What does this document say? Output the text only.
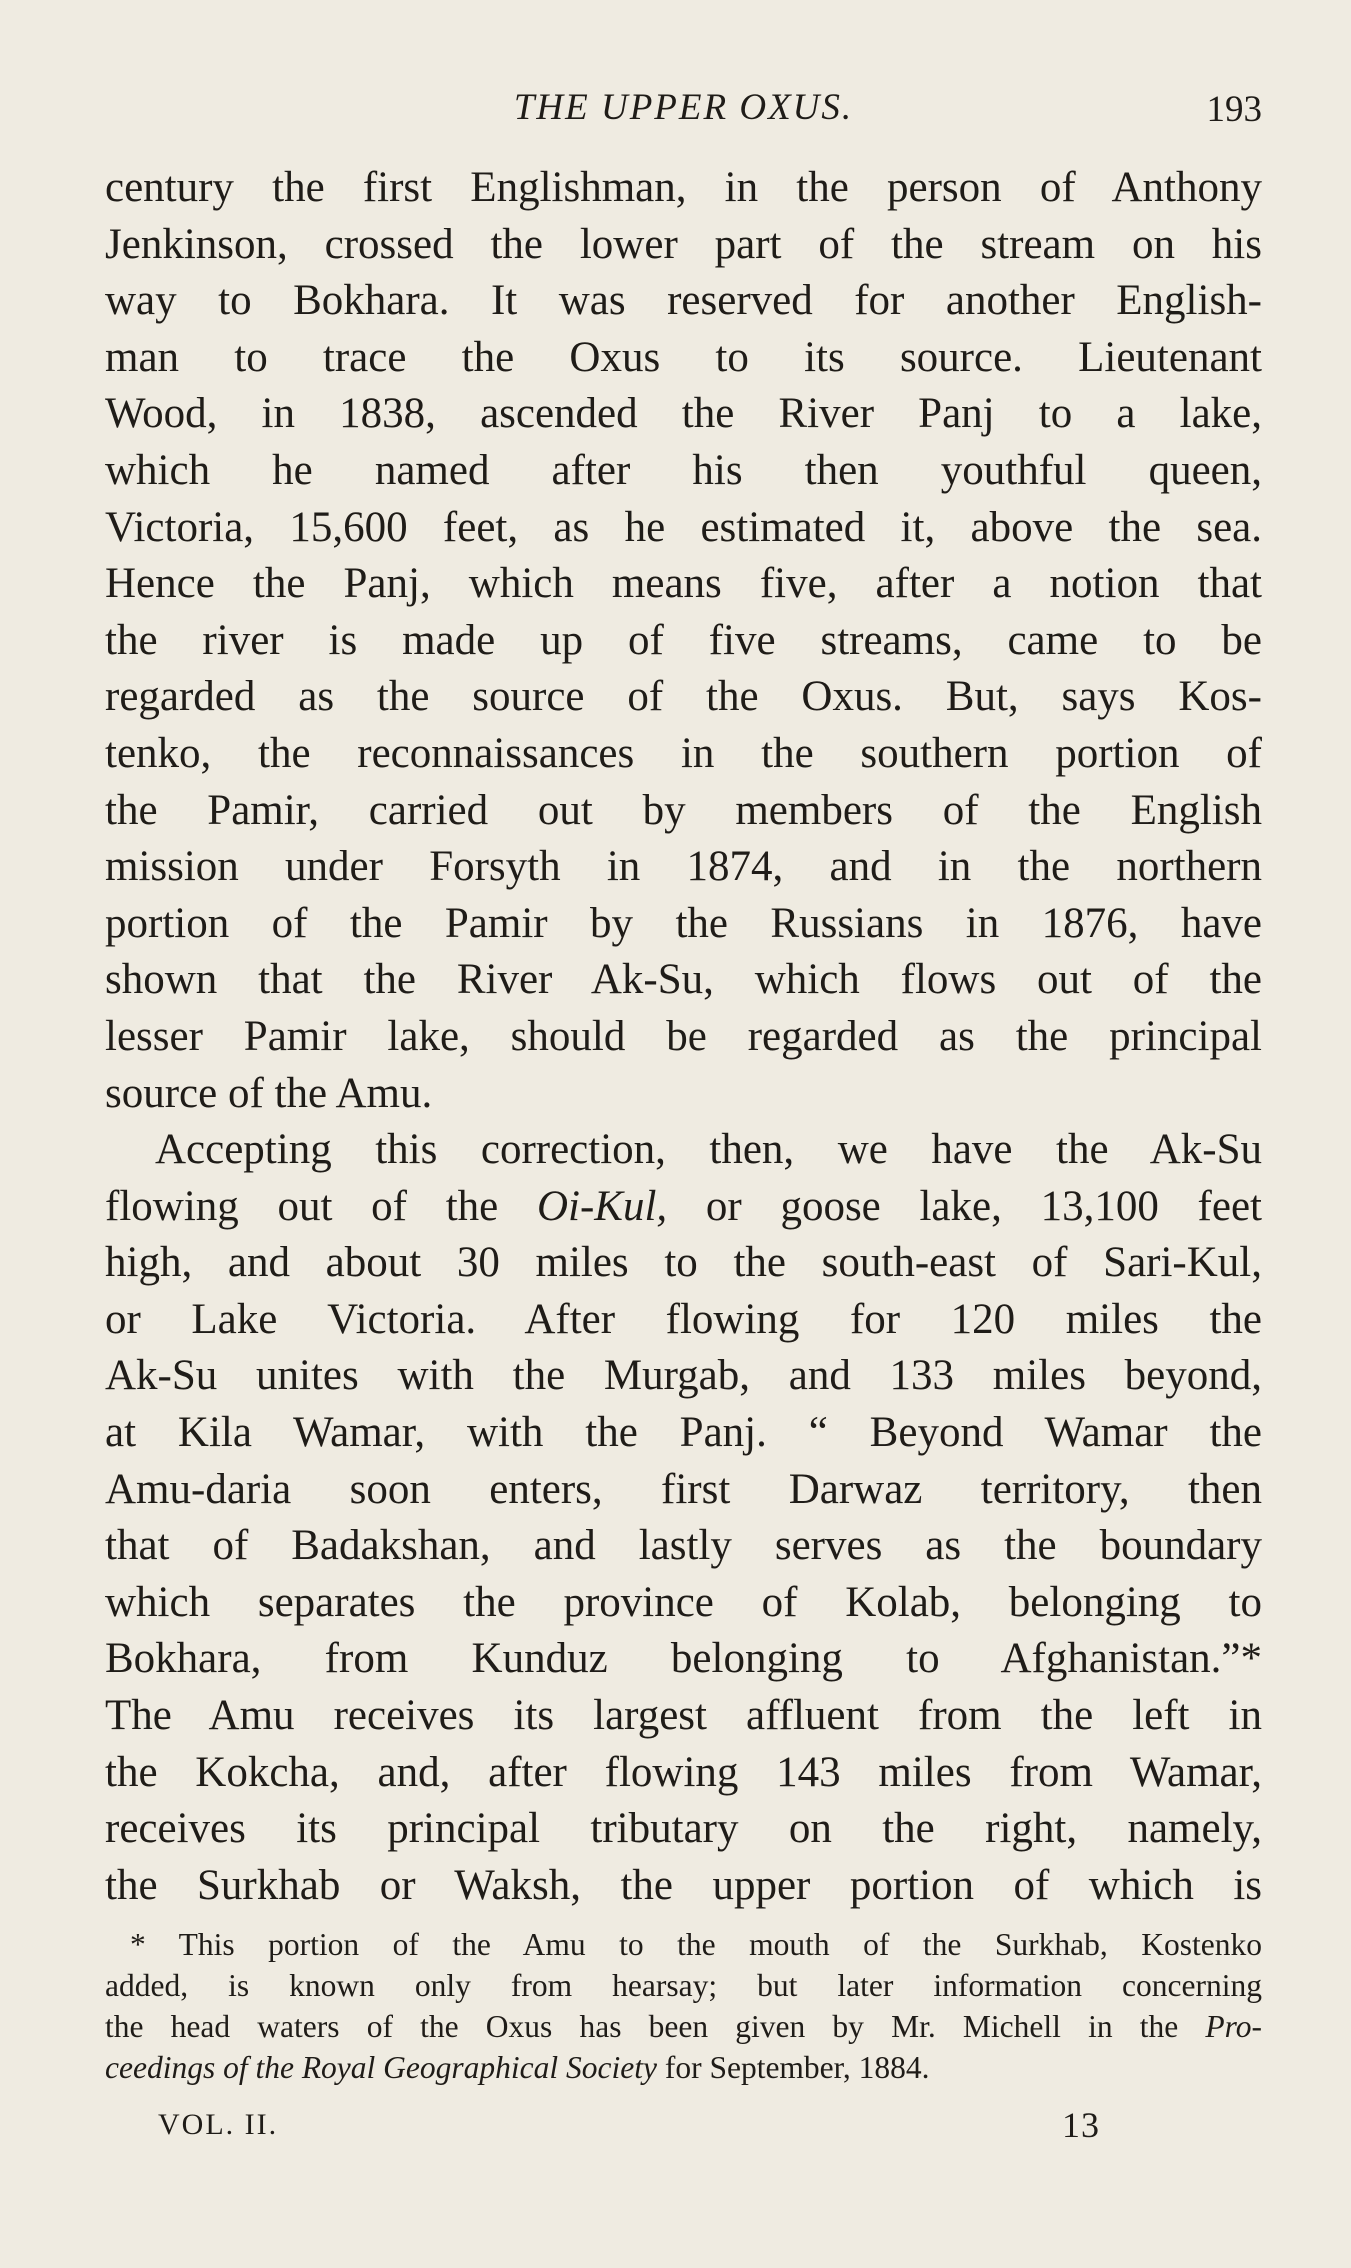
THE UPPER OXUS.	193
century the first Englishman, in the person of Anthony
Jenkinson, crossed the lower part of the stream on his
way to Bokhara. It was reserved for another English-
man to trace the Oxus to its source. Lieutenant
Wood, in 1838, ascended the River Panj to a lake,
which he named after his then youthful queen,
Victoria, 15,600 feet, as he estimated it, above the sea.
Hence the Panj, which means five, after a notion that
the river is made up of five streams, came to be
regarded as the source of the Oxus. But, says Kos-
tenko, the reconnaissances in the southern portion of
the Pamir, carried out by members of the English
mission under Forsyth in 1874, and in the northern
portion of the Pamir by the Russians in 1876, have
shown that the River Ak-Su, which flows out of the
lesser Pamir lake, should be regarded as the principal
source of the Amu.
Accepting this correction, then, we have the Ak-Su
flowing out of the Oi-Kul, or goose lake, 13,100 feet
high, and about 30 miles to the south-east of Sari-Kul,
or Lake Victoria. After flowing for 120 miles the
Ak-Su unites with the Murgab, and 133 miles beyond,
at Kila Wamar, with the Panj. “ Beyond Wamar the
Amu-daria soon enters, first Darwaz territory, then
that of Badakshan, and lastly serves as the boundary
which separates the province of Kolab, belonging to
Bokhara, from Kunduz belonging to Afghanistan.”*
The Amu receives its largest affluent from the left in
the Kokcha, and, after flowing 143 miles from Wamar,
receives its principal tributary on the right, namely,
the Surkhab or Waksh, the upper portion of which is
* This portion of the Amu to the mouth of the Surkhab, Kostenko
added, is known only from hearsay; but later information concerning
the head waters of the Oxus has been given by Mr. Michell in the Pro-
ceedings of the Royal Geographical Society for September, 1884.
VOL. II.	13
